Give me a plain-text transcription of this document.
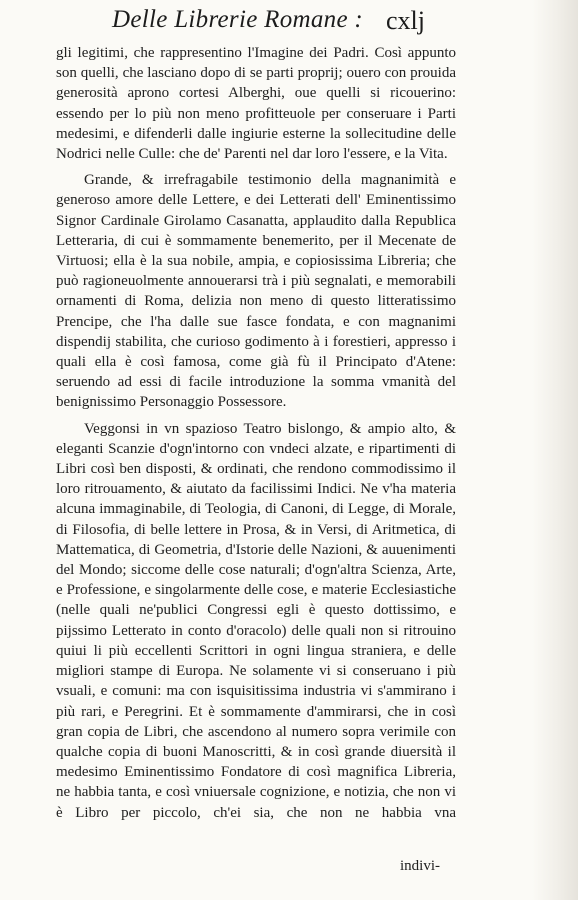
Delle Librerie Romane : cxlj

gli legitimi, che rappresentino l'Imagine dei Padri. Così appunto son quelli, che lasciano dopo di se parti proprij; ouero con prouida generosità aprono cortesi Alberghi, oue quelli si ricouerino: essendo per lo più non meno profitteuole per conseruare i Parti medesimi, e difenderli dalle ingiurie esterne la sollecitudine delle Nodrici nelle Culle: che de' Parenti nel dar loro l'essere, e la Vita.

Grande, & irrefragabile testimonio della magnanimità e generoso amore delle Lettere, e dei Letterati dell' Eminentissimo Signor Cardinale Girolamo Casanatta, applaudito dalla Republica Letteraria, di cui è sommamente benemerito, per il Mecenate de Virtuosi; ella è la sua nobile, ampia, e copiosissima Libreria; che può ragioneuolmente annouerarsi trà i più segnalati, e memorabili ornamenti di Roma, delizia non meno di questo litteratissimo Prencipe, che l'ha dalle sue fasce fondata, e con magnanimi dispendij stabilita, che curioso godimento à i forestieri, appresso i quali ella è così famosa, come già fù il Principato d'Atene: seruendo ad essi di facile introduzione la somma vmanità del benignissimo Personaggio Possessore.

Veggonsi in vn spazioso Teatro bislongo, & ampio alto, & eleganti Scanzie d'ogn'intorno con vndeci alzate, e ripartimenti di Libri così ben disposti, & ordinati, che rendono commodissimo il loro ritrouamento, & aiutato da facilissimi Indici. Ne v'ha materia alcuna immaginabile, di Teologia, di Canoni, di Legge, di Morale, di Filosofia, di belle lettere in Prosa, & in Versi, di Aritmetica, di Mattematica, di Geometria, d'Istorie delle Nazioni, & auuenimenti del Mondo; siccome delle cose naturali; d'ogn'altra Scienza, Arte, e Professione, e singolarmente delle cose, e materie Ecclesiastiche (nelle quali ne'publici Congressi egli è questo dottissimo, e pijssimo Letterato in conto d'oracolo) delle quali non si ritrouino quiui li più eccellenti Scrittori in ogni lingua straniera, e delle migliori stampe di Europa. Ne solamente vi si conseruano i più vsuali, e comuni: ma con isquisitissima industria vi s'ammirano i più rari, e Peregrini. Et è sommamente d'ammirarsi, che in così gran copia de Libri, che ascendono al numero sopra verimile con qualche copia di buoni Manoscritti, & in così grande diuersità il medesimo Eminentissimo Fondatore di così magnifica Libreria, ne habbia tanta, e così vniuersale cognizione, e notizia, che non vi è Libro per piccolo, ch'ei sia, che non ne habbia vna

indivi-
